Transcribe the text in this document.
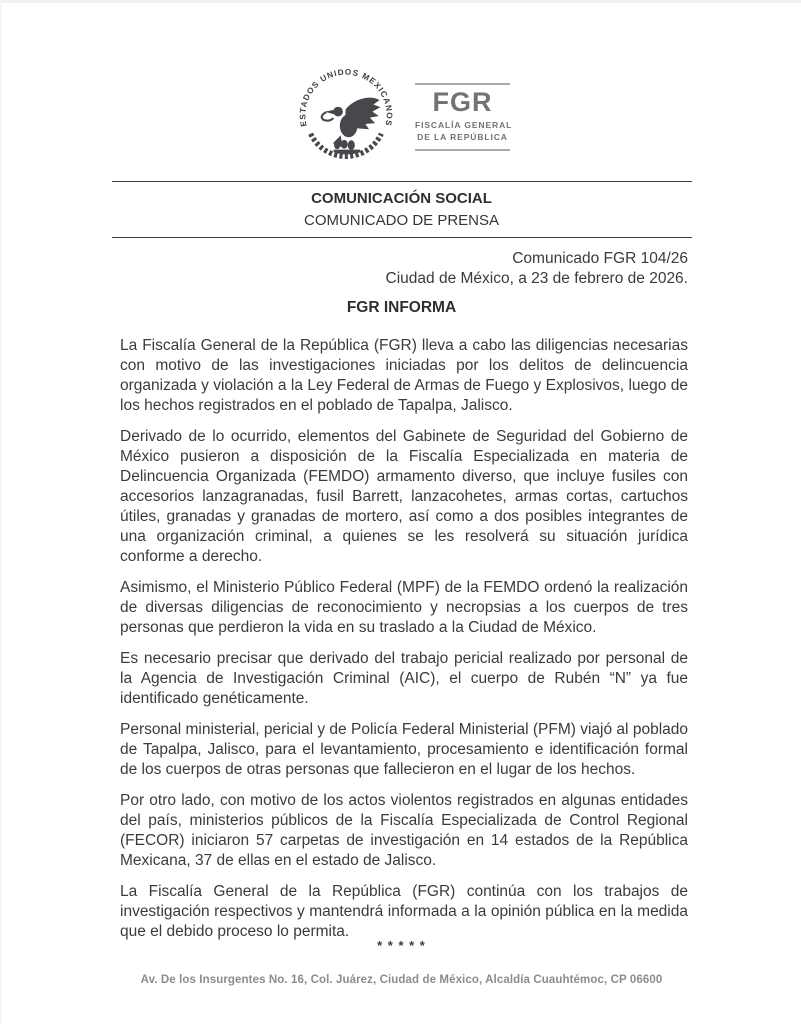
ESTADOS UNIDOS MEXICANOS
FGR
FISCALÍA GENERAL
DE LA REPÚBLICA
COMUNICACIÓN SOCIAL
COMUNICADO DE PRENSA
Comunicado FGR 104/26
Ciudad de México, a 23 de febrero de 2026.
FGR INFORMA

La Fiscalía General de la República (FGR) lleva a cabo las diligencias necesarias con motivo de las investigaciones iniciadas por los delitos de delincuencia organizada y violación a la Ley Federal de Armas de Fuego y Explosivos, luego de los hechos registrados en el poblado de Tapalpa, Jalisco.

Derivado de lo ocurrido, elementos del Gabinete de Seguridad del Gobierno de México pusieron a disposición de la Fiscalía Especializada en materia de Delincuencia Organizada (FEMDO) armamento diverso, que incluye fusiles con accesorios lanzagranadas, fusil Barrett, lanzacohetes, armas cortas, cartuchos útiles, granadas y granadas de mortero, así como a dos posibles integrantes de una organización criminal, a quienes se les resolverá su situación jurídica conforme a derecho.

Asimismo, el Ministerio Público Federal (MPF) de la FEMDO ordenó la realización de diversas diligencias de reconocimiento y necropsias a los cuerpos de tres personas que perdieron la vida en su traslado a la Ciudad de México.

Es necesario precisar que derivado del trabajo pericial realizado por personal de la Agencia de Investigación Criminal (AIC), el cuerpo de Rubén “N” ya fue identificado genéticamente.

Personal ministerial, pericial y de Policía Federal Ministerial (PFM) viajó al poblado de Tapalpa, Jalisco, para el levantamiento, procesamiento e identificación formal de los cuerpos de otras personas que fallecieron en el lugar de los hechos.

Por otro lado, con motivo de los actos violentos registrados en algunas entidades del país, ministerios públicos de la Fiscalía Especializada de Control Regional (FECOR) iniciaron 57 carpetas de investigación en 14 estados de la República Mexicana, 37 de ellas en el estado de Jalisco.

La Fiscalía General de la República (FGR) continúa con los trabajos de investigación respectivos y mantendrá informada a la opinión pública en la medida que el debido proceso lo permita.

* * * * *
Av. De los Insurgentes No. 16, Col. Juárez, Ciudad de México, Alcaldía Cuauhtémoc, CP 06600
